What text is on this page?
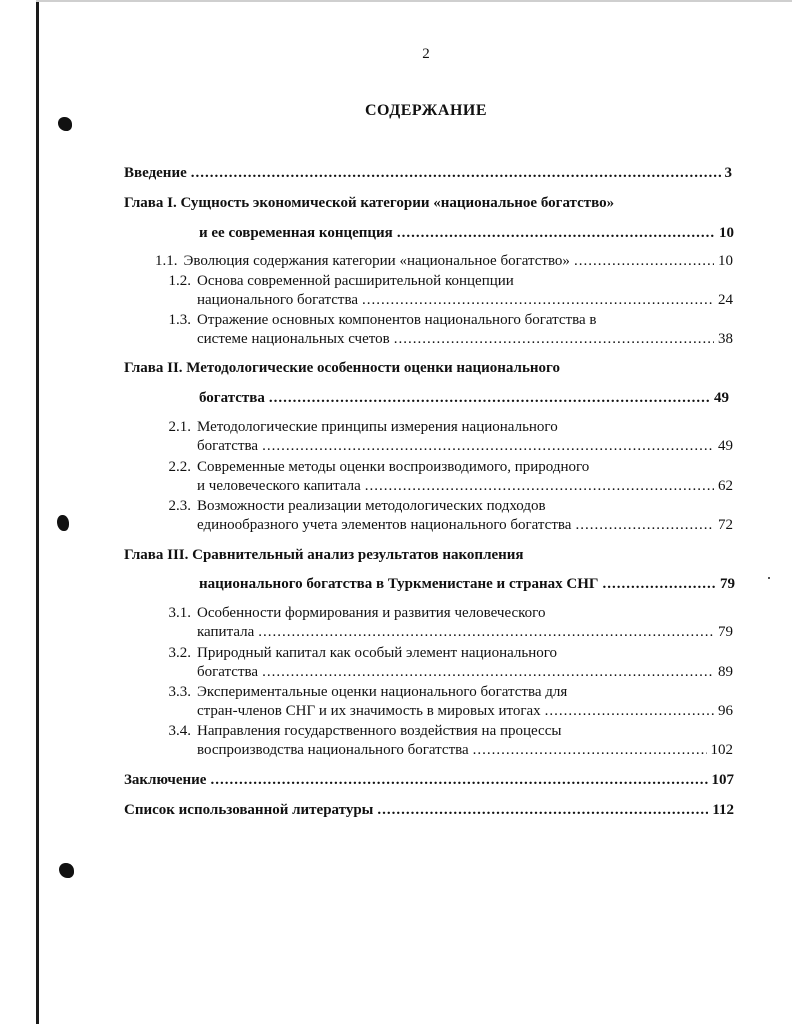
2
СОДЕРЖАНИЕ
Введение .....	3
Глава I. Сущность экономической категории «национальное богатство»
и ее современная концепция .....	10
1.1. Эволюция содержания категории «национальное богатство» .....	10
1.2. Основа современной расширительной концепции
национального богатства .....	24
1.3. Отражение основных компонентов национального богатства в
системе национальных счетов .....	38
Глава II. Методологические особенности оценки национального
богатства .....	49
2.1. Методологические принципы измерения национального
богатства .....	49
2.2. Современные методы оценки воспроизводимого, природного
и человеческого капитала .....	62
2.3. Возможности реализации методологических подходов
единообразного учета элементов национального богатства .....	72
Глава III. Сравнительный анализ результатов накопления
национального богатства в Туркменистане и странах СНГ .....	79
3.1. Особенности формирования и развития человеческого
капитала .....	79
3.2. Природный капитал как особый элемент национального
богатства .....	89
3.3. Экспериментальные оценки национального богатства для
стран-членов СНГ и их значимость в мировых итогах .....	96
3.4. Направления государственного воздействия на процессы
воспроизводства национального богатства .....	102
Заключение .....	107
Список использованной литературы .....	112
